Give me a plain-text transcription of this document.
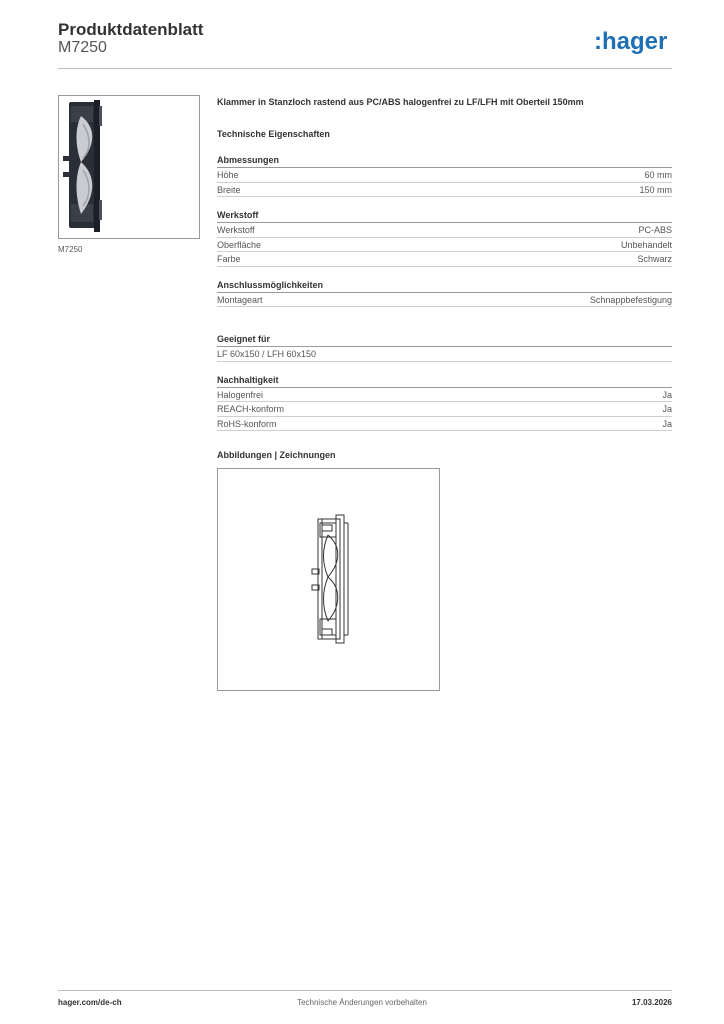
Produktdatenblatt
M7250	:hager
M7250
Klammer in Stanzloch rastend aus PC/ABS halogenfrei zu LF/LFH mit Oberteil 150mm
Technische Eigenschaften
Abmessungen
Höhe	60 mm
Breite	150 mm
Werkstoff
Werkstoff	PC-ABS
Oberfläche	Unbehandelt
Farbe	Schwarz
Anschlussmöglichkeiten
Montageart	Schnappbefestigung
Geeignet für
LF 60x150 / LFH 60x150
Nachhaltigkeit
Halogenfrei	Ja
REACH-konform	Ja
RoHS-konform	Ja
Abbildungen | Zeichnungen
hager.com/de-ch	Technische Änderungen vorbehalten	17.03.2026
